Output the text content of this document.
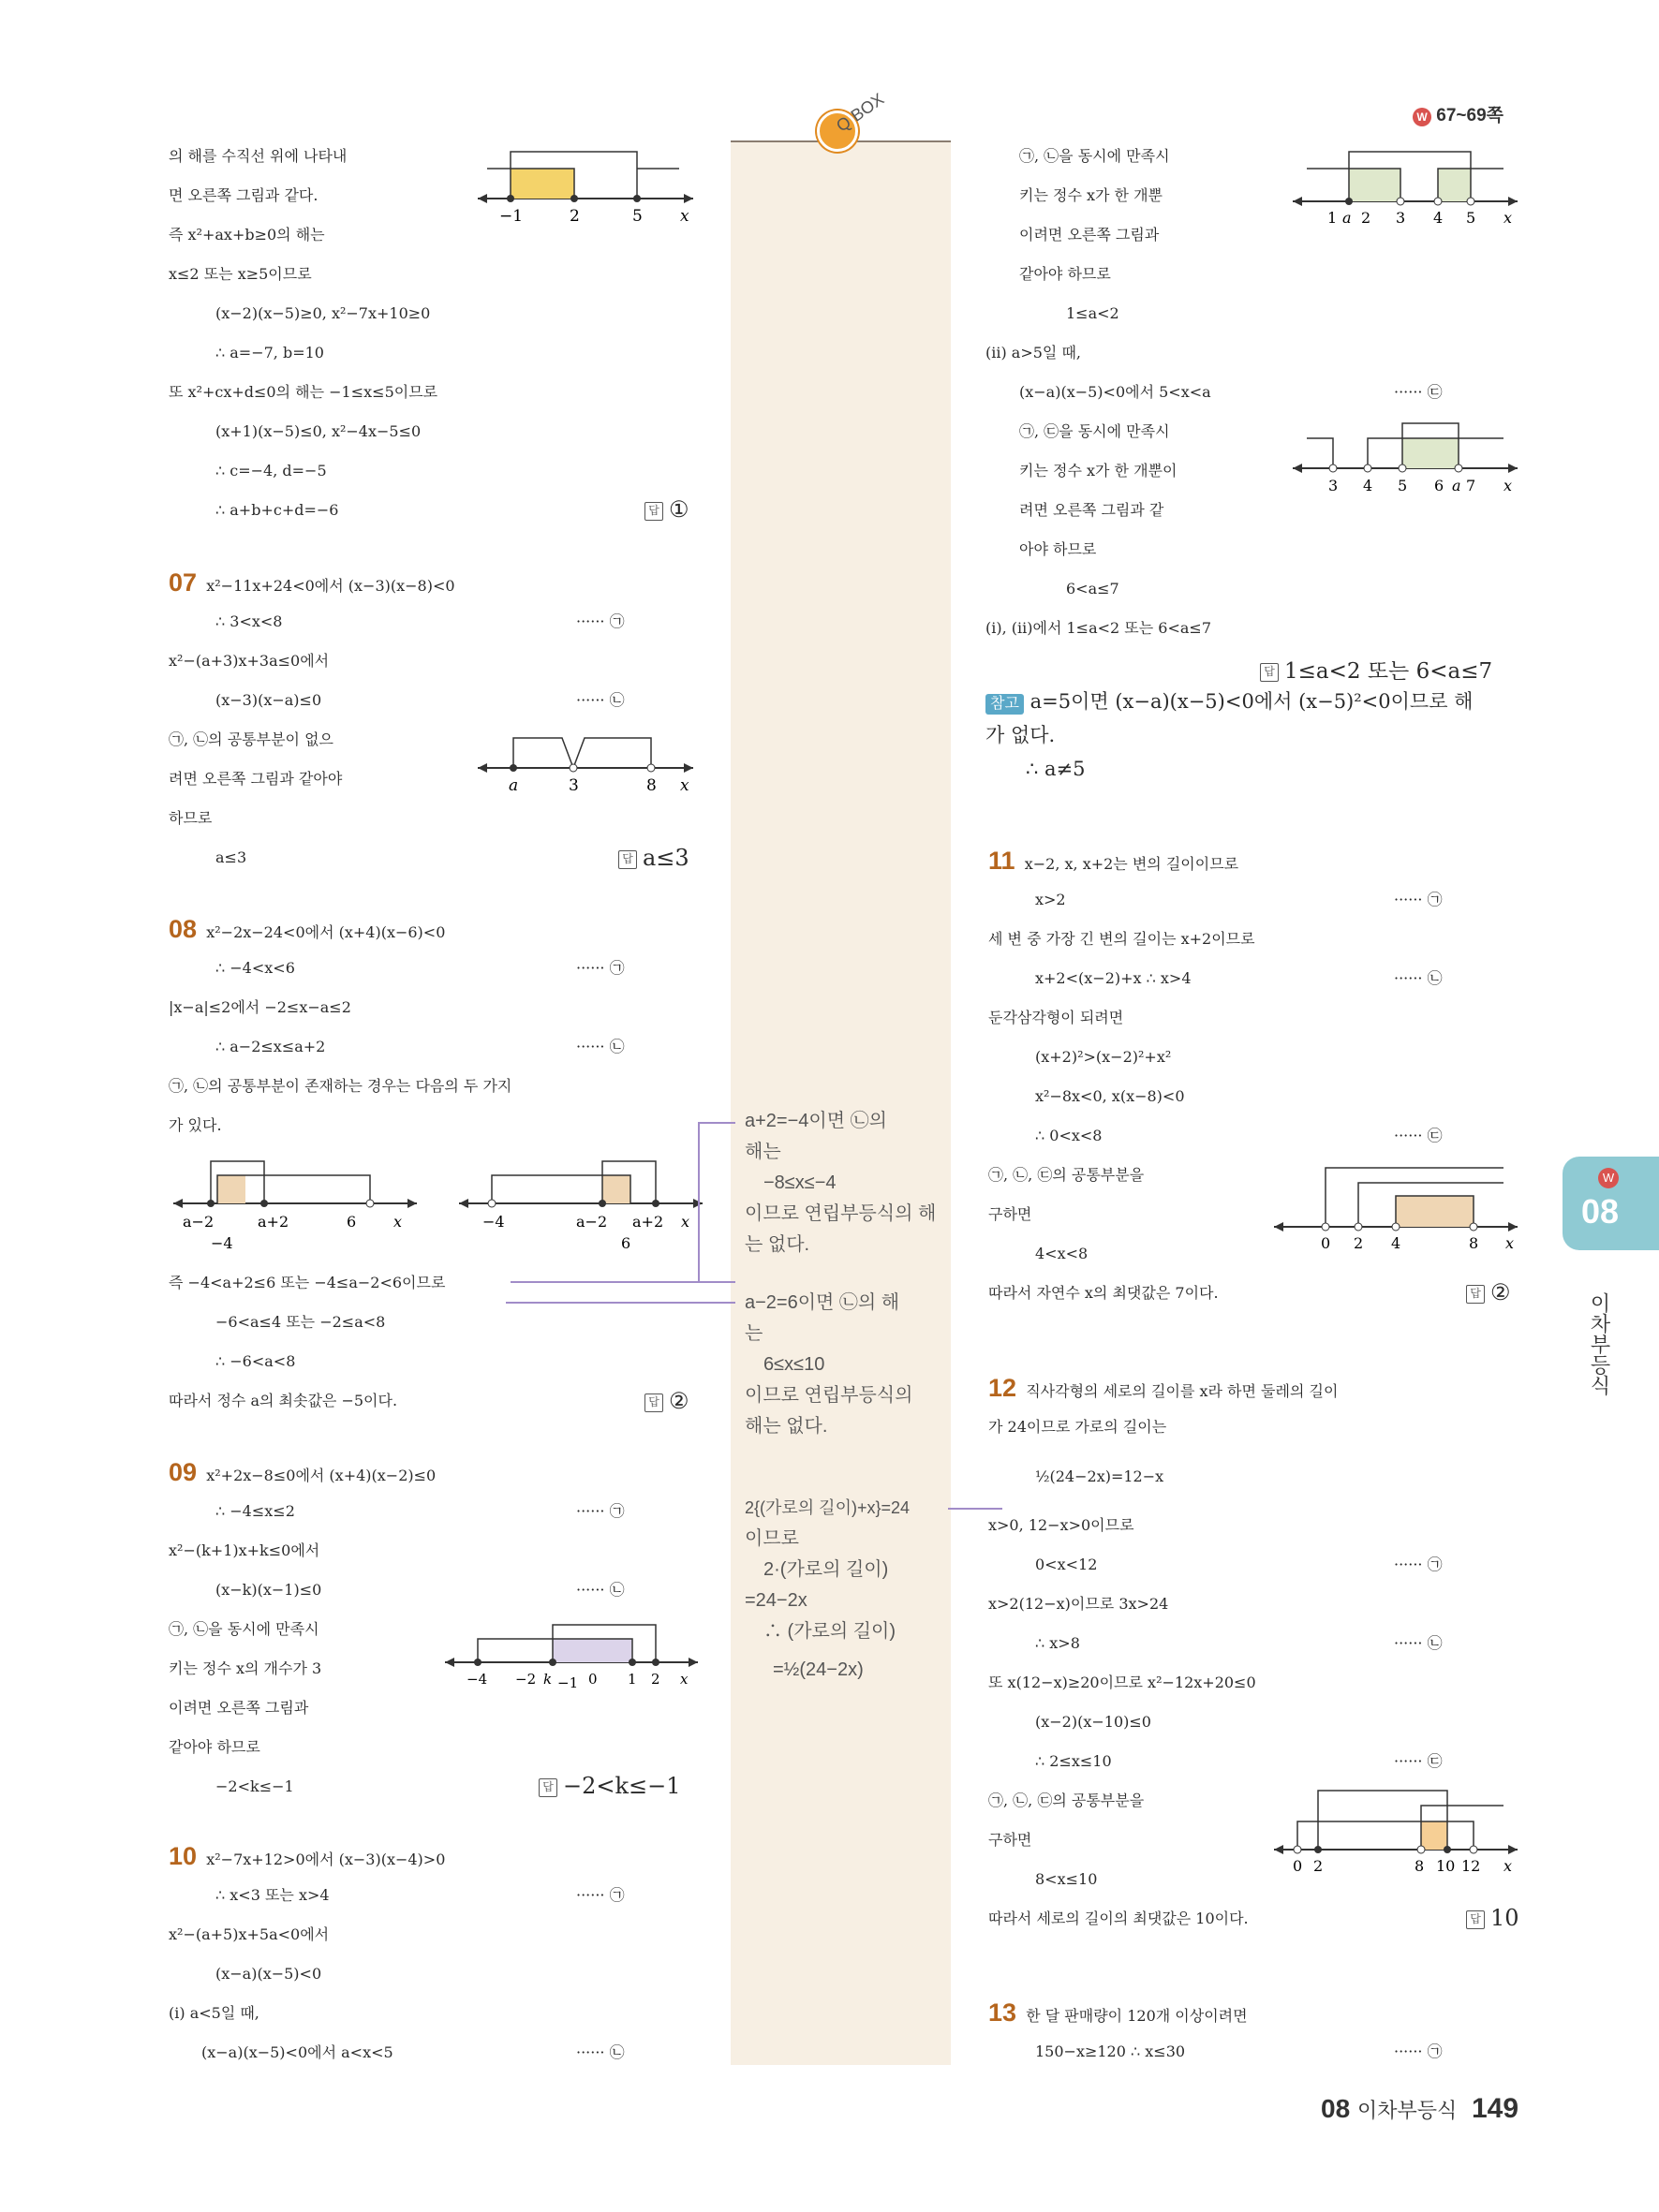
W 67~69쪽
Q BOX
의 해를 수직선 위에 나타내
면 오른쪽 그림과 같다.
즉 x²+ax+b≥0의 해는
x≤2 또는 x≥5이므로
(x−2)(x−5)≥0, x²−7x+10≥0
∴ a=−7, b=10
또 x²+cx+d≤0의 해는 −1≤x≤5이므로
(x+1)(x−5)≤0, x²−4x−5≤0
∴ c=−4, d=−5
∴ a+b+c+d=−6	답 ①
−1	2	5 x
07 x²−11x+24<0에서 (x−3)(x−8)<0
∴ 3<x<8	······ ㉠
x²−(a+3)x+3a≤0에서
(x−3)(x−a)≤0	······ ㉡
㉠, ㉡의 공통부분이 없으
려면 오른쪽 그림과 같아야
하므로
a≤3	답 a≤3
a	3	8 x
08 x²−2x−24<0에서 (x+4)(x−6)<0
∴ −4<x<6	······ ㉠
|x−a|≤2에서 −2≤x−a≤2
∴ a−2≤x≤a+2	······ ㉡
㉠, ㉡의 공통부분이 존재하는 경우는 다음의 두 가지
가 있다.
즉 −4<a+2≤6 또는 −4≤a−2<6이므로
−6<a≤4 또는 −2≤a<8
∴ −6<a<8
따라서 정수 a의 최솟값은 −5이다.	답 ②
a−2	a+2	6 x
−4
−4	a−2 a+2 x
6
09 x²+2x−8≤0에서 (x+4)(x−2)≤0
∴ −4≤x≤2	······ ㉠
x²−(k+1)x+k≤0에서
(x−k)(x−1)≤0	······ ㉡
㉠, ㉡을 동시에 만족시
키는 정수 x의 개수가 3
이려면 오른쪽 그림과
같아야 하므로
−2<k≤−1	답 −2<k≤−1
−4 −2 k −1 0 1 2 x
10 x²−7x+12>0에서 (x−3)(x−4)>0
∴ x<3 또는 x>4	······ ㉠
x²−(a+5)x+5a<0에서
(x−a)(x−5)<0
(i) a<5일 때,
(x−a)(x−5)<0에서 a<x<5	······ ㉡
a+2=−4이면 ㉡의
해는
−8≤x≤−4
이므로 연립부등식의 해
는 없다.
a−2=6이면 ㉡의 해
는
6≤x≤10
이므로 연립부등식의
해는 없다.
2{(가로의 길이)+x}=24
이므로
2·(가로의 길이)
=24−2x
∴ (가로의 길이)
=½(24−2x)
㉠, ㉡을 동시에 만족시
키는 정수 x가 한 개뿐
이려면 오른쪽 그림과
같아야 하므로
1≤a<2
(ii) a>5일 때,
(x−a)(x−5)<0에서 5<x<a	······ ㉢
㉠, ㉢을 동시에 만족시
키는 정수 x가 한 개뿐이
려면 오른쪽 그림과 같
아야 하므로
6<a≤7
(i), (ii)에서 1≤a<2 또는 6<a≤7
답 1≤a<2 또는 6<a≤7
참고 a=5이면 (x−a)(x−5)<0에서 (x−5)²<0이므로 해
가 없다.
∴ a≠5
1 a 2 3 4 5 x
3 4 5 6 a 7 x
11 x−2, x, x+2는 변의 길이이므로
x>2	······ ㉠
세 변 중 가장 긴 변의 길이는 x+2이므로
x+2<(x−2)+x ∴ x>4	······ ㉡
둔각삼각형이 되려면
(x+2)²>(x−2)²+x²
x²−8x<0, x(x−8)<0
∴ 0<x<8	······ ㉢
㉠, ㉡, ㉢의 공통부분을
구하면
4<x<8
따라서 자연수 x의 최댓값은 7이다.	답 ②
0 2 4	8 x
12 직사각형의 세로의 길이를 x라 하면 둘레의 길이
가 24이므로 가로의 길이는
½(24−2x)=12−x
x>0, 12−x>0이므로
0<x<12	······ ㉠
x>2(12−x)이므로 3x>24
∴ x>8	······ ㉡
또 x(12−x)≥20이므로 x²−12x+20≤0
(x−2)(x−10)≤0
∴ 2≤x≤10	······ ㉢
㉠, ㉡, ㉢의 공통부분을
구하면
8<x≤10
따라서 세로의 길이의 최댓값은 10이다.	답 10
0 2	8 10 12 x
13 한 달 판매량이 120개 이상이려면
150−x≥120 ∴ x≤30	······ ㉠
W
08
이차부등식
08 이차부등식 149
